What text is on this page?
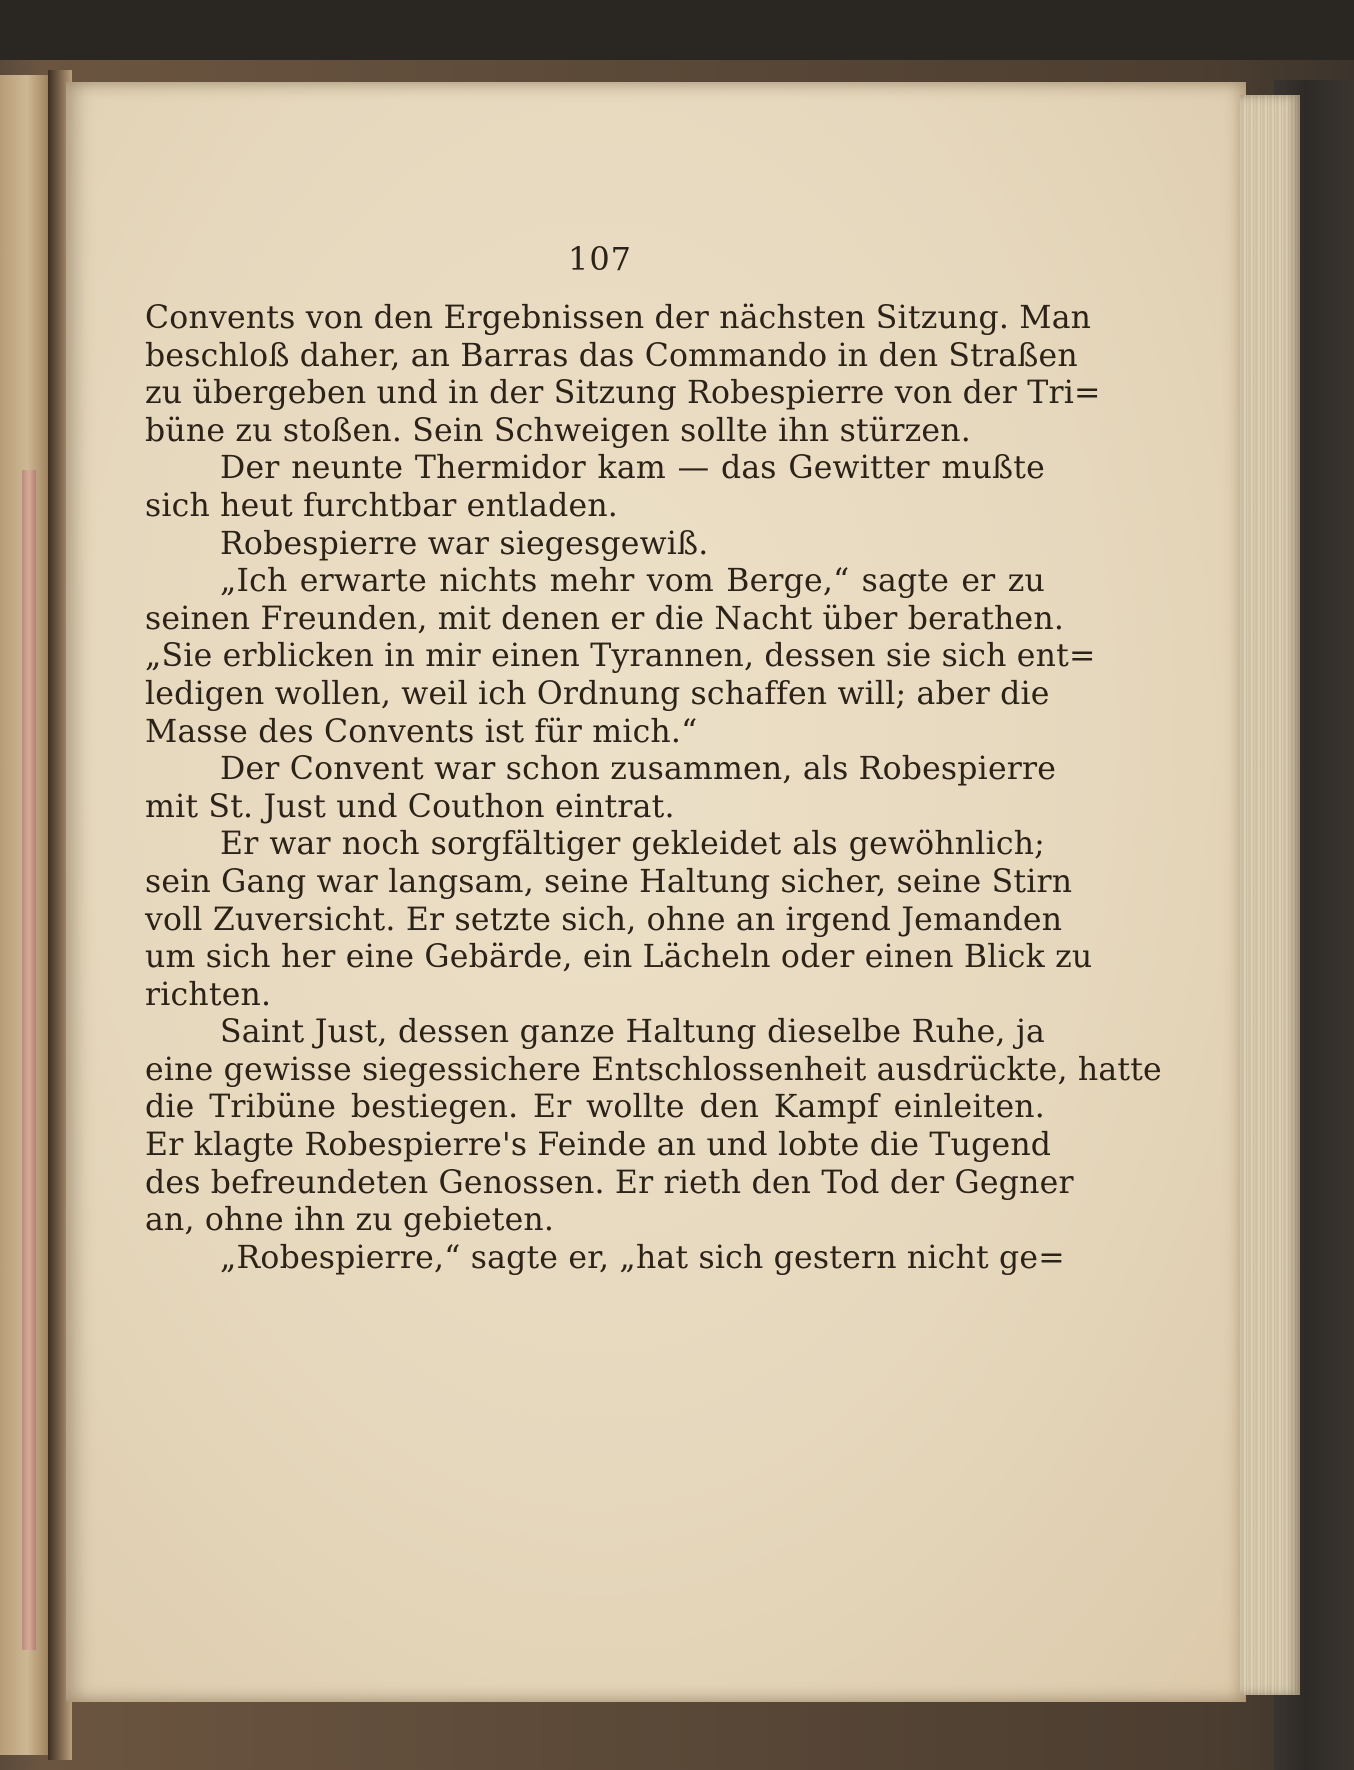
107
Convents von den Ergebnissen der nächsten Sitzung. Man
beschloß daher, an Barras das Commando in den Straßen
zu übergeben und in der Sitzung Robespierre von der Tri=
büne zu stoßen. Sein Schweigen sollte ihn stürzen.
Der neunte Thermidor kam — das Gewitter mußte
sich heut furchtbar entladen.
Robespierre war siegesgewiß.
„Ich erwarte nichts mehr vom Berge,“ sagte er zu
seinen Freunden, mit denen er die Nacht über berathen.
„Sie erblicken in mir einen Tyrannen, dessen sie sich ent=
ledigen wollen, weil ich Ordnung schaffen will; aber die
Masse des Convents ist für mich.“
Der Convent war schon zusammen, als Robespierre
mit St. Just und Couthon eintrat.
Er war noch sorgfältiger gekleidet als gewöhnlich;
sein Gang war langsam, seine Haltung sicher, seine Stirn
voll Zuversicht. Er setzte sich, ohne an irgend Jemanden
um sich her eine Gebärde, ein Lächeln oder einen Blick zu
richten.
Saint Just, dessen ganze Haltung dieselbe Ruhe, ja
eine gewisse siegessichere Entschlossenheit ausdrückte, hatte
die Tribüne bestiegen. Er wollte den Kampf einleiten.
Er klagte Robespierre's Feinde an und lobte die Tugend
des befreundeten Genossen. Er rieth den Tod der Gegner
an, ohne ihn zu gebieten.
„Robespierre,“ sagte er, „hat sich gestern nicht ge=
